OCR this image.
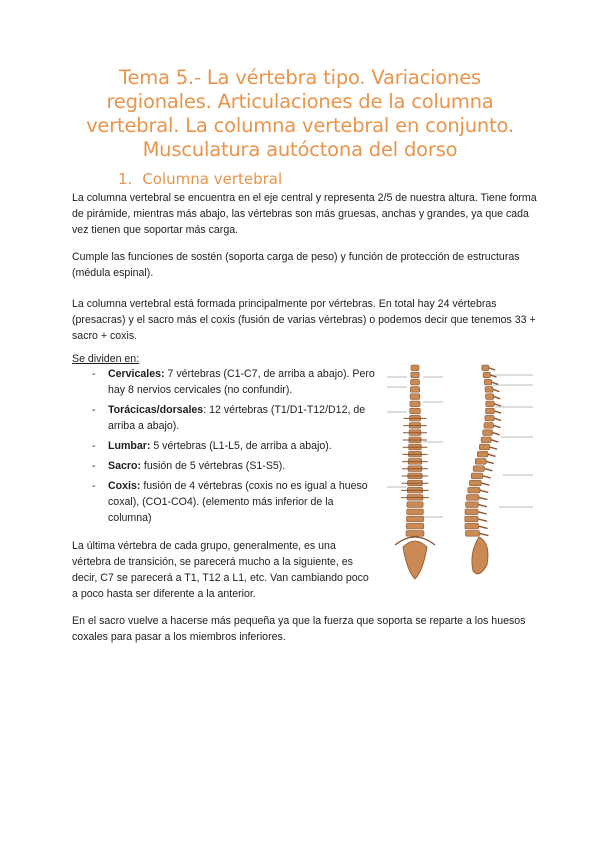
Tema 5.- La vértebra tipo. Variaciones regionales. Articulaciones de la columna vertebral. La columna vertebral en conjunto. Musculatura autóctona del dorso
1. Columna vertebral

La columna vertebral se encuentra en el eje central y representa 2/5 de nuestra altura. Tiene forma de pirámide, mientras más abajo, las vértebras son más gruesas, anchas y grandes, ya que cada vez tienen que soportar más carga.

Cumple las funciones de sostén (soporta carga de peso) y función de protección de estructuras (médula espinal).

La columna vertebral está formada principalmente por vértebras. En total hay 24 vértebras (presacras) y el sacro más el coxis (fusión de varias vértebras) o podemos decir que tenemos 33 + sacro + coxis.

Se dividen en:
-	Cervicales: 7 vértebras (C1-C7, de arriba a abajo). Pero hay 8 nervios cervicales (no confundir).
-	Torácicas/dorsales: 12 vértebras (T1/D1-T12/D12, de arriba a abajo).
-	Lumbar: 5 vértebras (L1-L5, de arriba a abajo).
-	Sacro: fusión de 5 vértebras (S1-S5).
-	Coxis: fusión de 4 vértebras (coxis no es igual a hueso coxal), (CO1-CO4). (elemento más inferior de la columna)

La última vértebra de cada grupo, generalmente, es una vértebra de transición, se parecerá mucho a la siguiente, es decir, C7 se parecerá a T1, T12 a L1, etc. Van cambiando poco a poco hasta ser diferente a la anterior.

En el sacro vuelve a hacerse más pequeña ya que la fuerza que soporta se reparte a los huesos coxales para pasar a los miembros inferiores.
